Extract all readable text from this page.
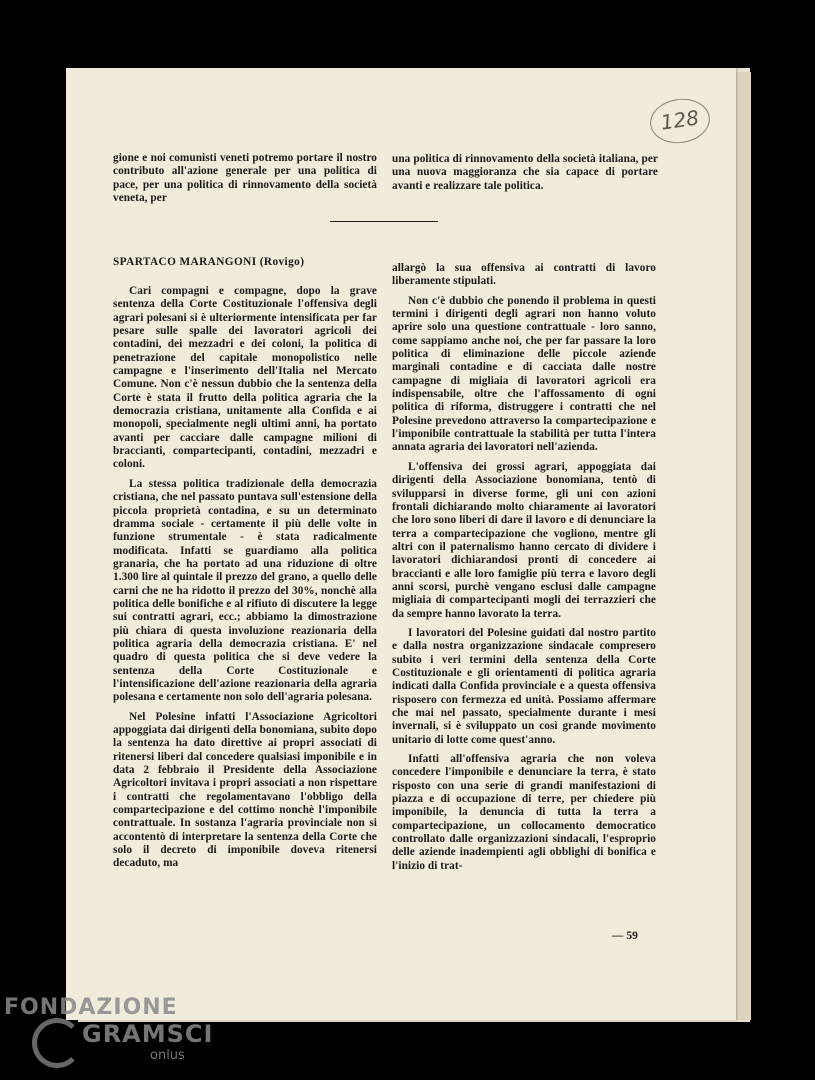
128

gione e noi comunisti veneti potremo portare il nostro contributo all'azione generale per una politica di pace, per una politica di rinnovamento della società veneta, per

una politica di rinnovamento della società italiana, per una nuova maggioranza che sia capace di portare avanti e realizzare tale politica.

SPARTACO MARANGONI (Rovigo)

Cari compagni e compagne, dopo la grave sentenza della Corte Costituzionale l'offensiva degli agrari polesani si è ulteriormente intensificata per far pesare sulle spalle dei lavoratori agricoli dei contadini, dei mezzadri e dei coloni, la politica di penetrazione del capitale monopolistico nelle campagne e l'inserimento dell'Italia nel Mercato Comune. Non c'è nessun dubbio che la sentenza della Corte è stata il frutto della politica agraria che la democrazia cristiana, unitamente alla Confida e ai monopoli, specialmente negli ultimi anni, ha portato avanti per cacciare dalle campagne milioni di braccianti, compartecipanti, contadini, mezzadri e coloni.

La stessa politica tradizionale della democrazia cristiana, che nel passato puntava sull'estensione della piccola proprietà contadina, e su un determinato dramma sociale - certamente il più delle volte in funzione strumentale - è stata radicalmente modificata. Infatti se guardiamo alla politica granaria, che ha portato ad una riduzione di oltre 1.300 lire al quintale il prezzo del grano, a quello delle carni che ne ha ridotto il prezzo del 30%, nonchè alla politica delle bonifiche e al rifiuto di discutere la legge sui contratti agrari, ecc.; abbiamo la dimostrazione più chiara di questa involuzione reazionaria della politica agraria della democrazia cristiana. E' nel quadro di questa politica che si deve vedere la sentenza della Corte Costituzionale e l'intensificazione dell'azione reazionaria della agraria polesana e certamente non solo dell'agraria polesana.

Nel Polesine infatti l'Associazione Agricoltori appoggiata dai dirigenti della bonomiana, subito dopo la sentenza ha dato direttive ai propri associati di ritenersi liberi dal concedere qualsiasi imponibile e in data 2 febbraio il Presidente della Associazione Agricoltori invitava i propri associati a non rispettare i contratti che regolamentavano l'obbligo della compartecipazione e del cottimo nonchè l'imponibile contrattuale. In sostanza l'agraria provinciale non si accontentò di interpretare la sentenza della Corte che solo il decreto di imponibile doveva ritenersi decaduto, ma

allargò la sua offensiva ai contratti di lavoro liberamente stipulati.

Non c'è dubbio che ponendo il problema in questi termini i dirigenti degli agrari non hanno voluto aprire solo una questione contrattuale - loro sanno, come sappiamo anche noi, che per far passare la loro politica di eliminazione delle piccole aziende marginali contadine e di cacciata dalle nostre campagne di migliaia di lavoratori agricoli era indispensabile, oltre che l'affossamento di ogni politica di riforma, distruggere i contratti che nel Polesine prevedono attraverso la compartecipazione e l'imponibile contrattuale la stabilità per tutta l'intera annata agraria dei lavoratori nell'azienda.

L'offensiva dei grossi agrari, appoggiata dai dirigenti della Associazione bonomiana, tentò di svilupparsi in diverse forme, gli uni con azioni frontali dichiarando molto chiaramente ai lavoratori che loro sono liberi di dare il lavoro e di denunciare la terra a compartecipazione che vogliono, mentre gli altri con il paternalismo hanno cercato di dividere i lavoratori dichiarandosi pronti di concedere ai braccianti e alle loro famiglie più terra e lavoro degli anni scorsi, purchè vengano esclusi dalle campagne migliaia di compartecipanti mogli dei terrazzieri che da sempre hanno lavorato la terra.

I lavoratori del Polesine guidati dal nostro partito e dalla nostra organizzazione sindacale compresero subito i veri termini della sentenza della Corte Costituzionale e gli orientamenti di politica agraria indicati dalla Confida provinciale e a questa offensiva risposero con fermezza ed unità. Possiamo affermare che mai nel passato, specialmente durante i mesi invernali, si è sviluppato un così grande movimento unitario di lotte come quest'anno.

Infatti all'offensiva agraria che non voleva concedere l'imponibile e denunciare la terra, è stato risposto con una serie di grandi manifestazioni di piazza e di occupazione di terre, per chiedere più imponibile, la denuncia di tutta la terra a compartecipazione, un collocamento democratico controllato dalle organizzazioni sindacali, l'esproprio delle aziende inadempienti agli obblighi di bonifica e l'inizio di trat-

— 59
FONDAZIONE
GRAMSCI
onlus
